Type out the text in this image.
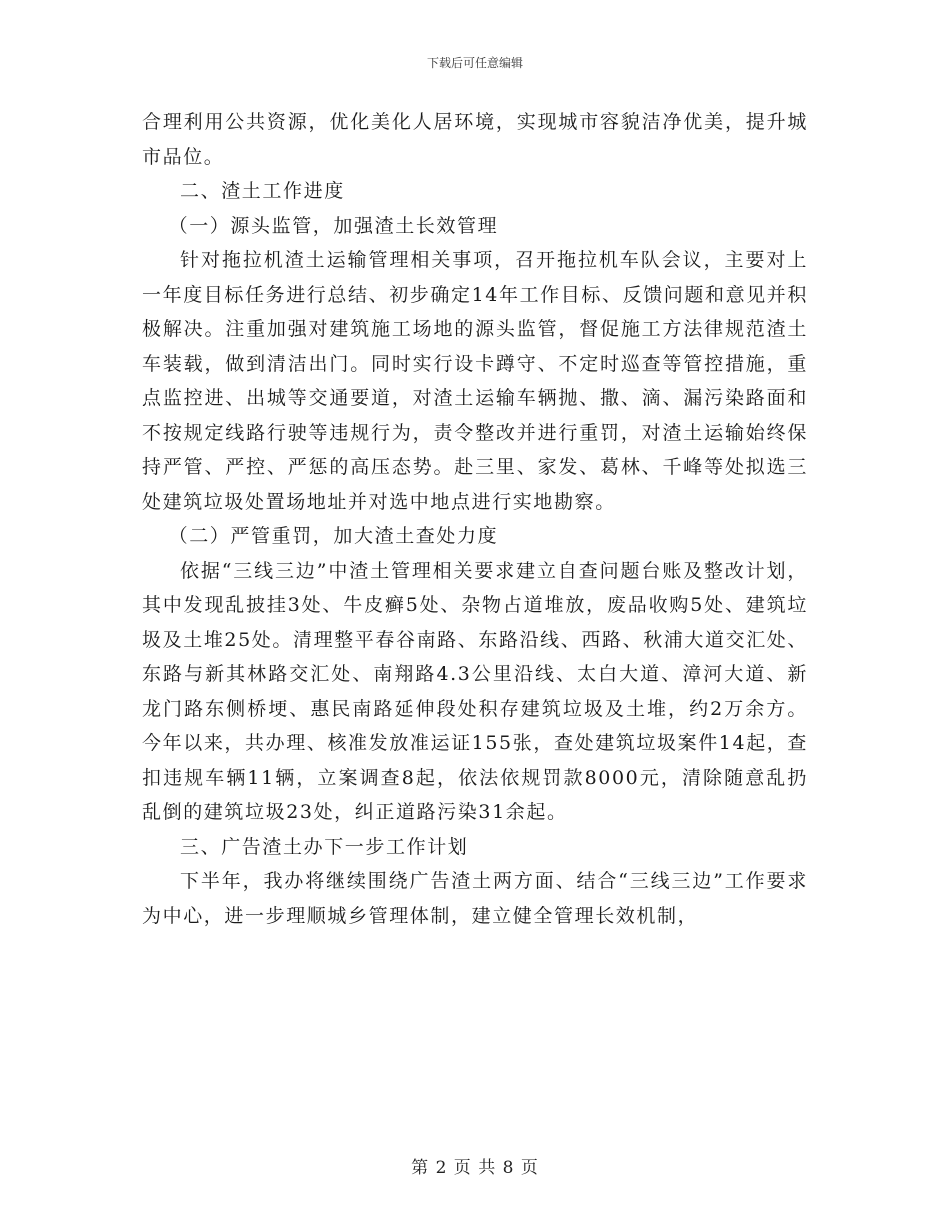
下载后可任意编辑

合理利用公共资源，优化美化人居环境，实现城市容貌洁净优美，提升城市品位。

二、渣土工作进度

（一）源头监管，加强渣土长效管理

针对拖拉机渣土运输管理相关事项，召开拖拉机车队会议，主要对上一年度目标任务进行总结、初步确定14年工作目标、反馈问题和意见并积极解决。注重加强对建筑施工场地的源头监管，督促施工方法律规范渣土车装载，做到清洁出门。同时实行设卡蹲守、不定时巡查等管控措施，重点监控进、出城等交通要道，对渣土运输车辆抛、撒、滴、漏污染路面和不按规定线路行驶等违规行为，责令整改并进行重罚，对渣土运输始终保持严管、严控、严惩的高压态势。赴三里、家发、葛林、千峰等处拟选三处建筑垃圾处置场地址并对选中地点进行实地勘察。

（二）严管重罚，加大渣土查处力度

依据“三线三边”中渣土管理相关要求建立自查问题台账及整改计划，其中发现乱披挂3处、牛皮癣5处、杂物占道堆放，废品收购5处、建筑垃圾及土堆25处。清理整平春谷南路、东路沿线、西路、秋浦大道交汇处、东路与新其林路交汇处、南翔路4.3公里沿线、太白大道、漳河大道、新龙门路东侧桥埂、惠民南路延伸段处积存建筑垃圾及土堆，约2万余方。今年以来，共办理、核准发放准运证155张，查处建筑垃圾案件14起，查扣违规车辆11辆，立案调查8起，依法依规罚款8000元，清除随意乱扔乱倒的建筑垃圾23处，纠正道路污染31余起。

三、广告渣土办下一步工作计划

下半年，我办将继续围绕广告渣土两方面、结合“三线三边”工作要求为中心，进一步理顺城乡管理体制，建立健全管理长效机制，

第 2 页 共 8 页
